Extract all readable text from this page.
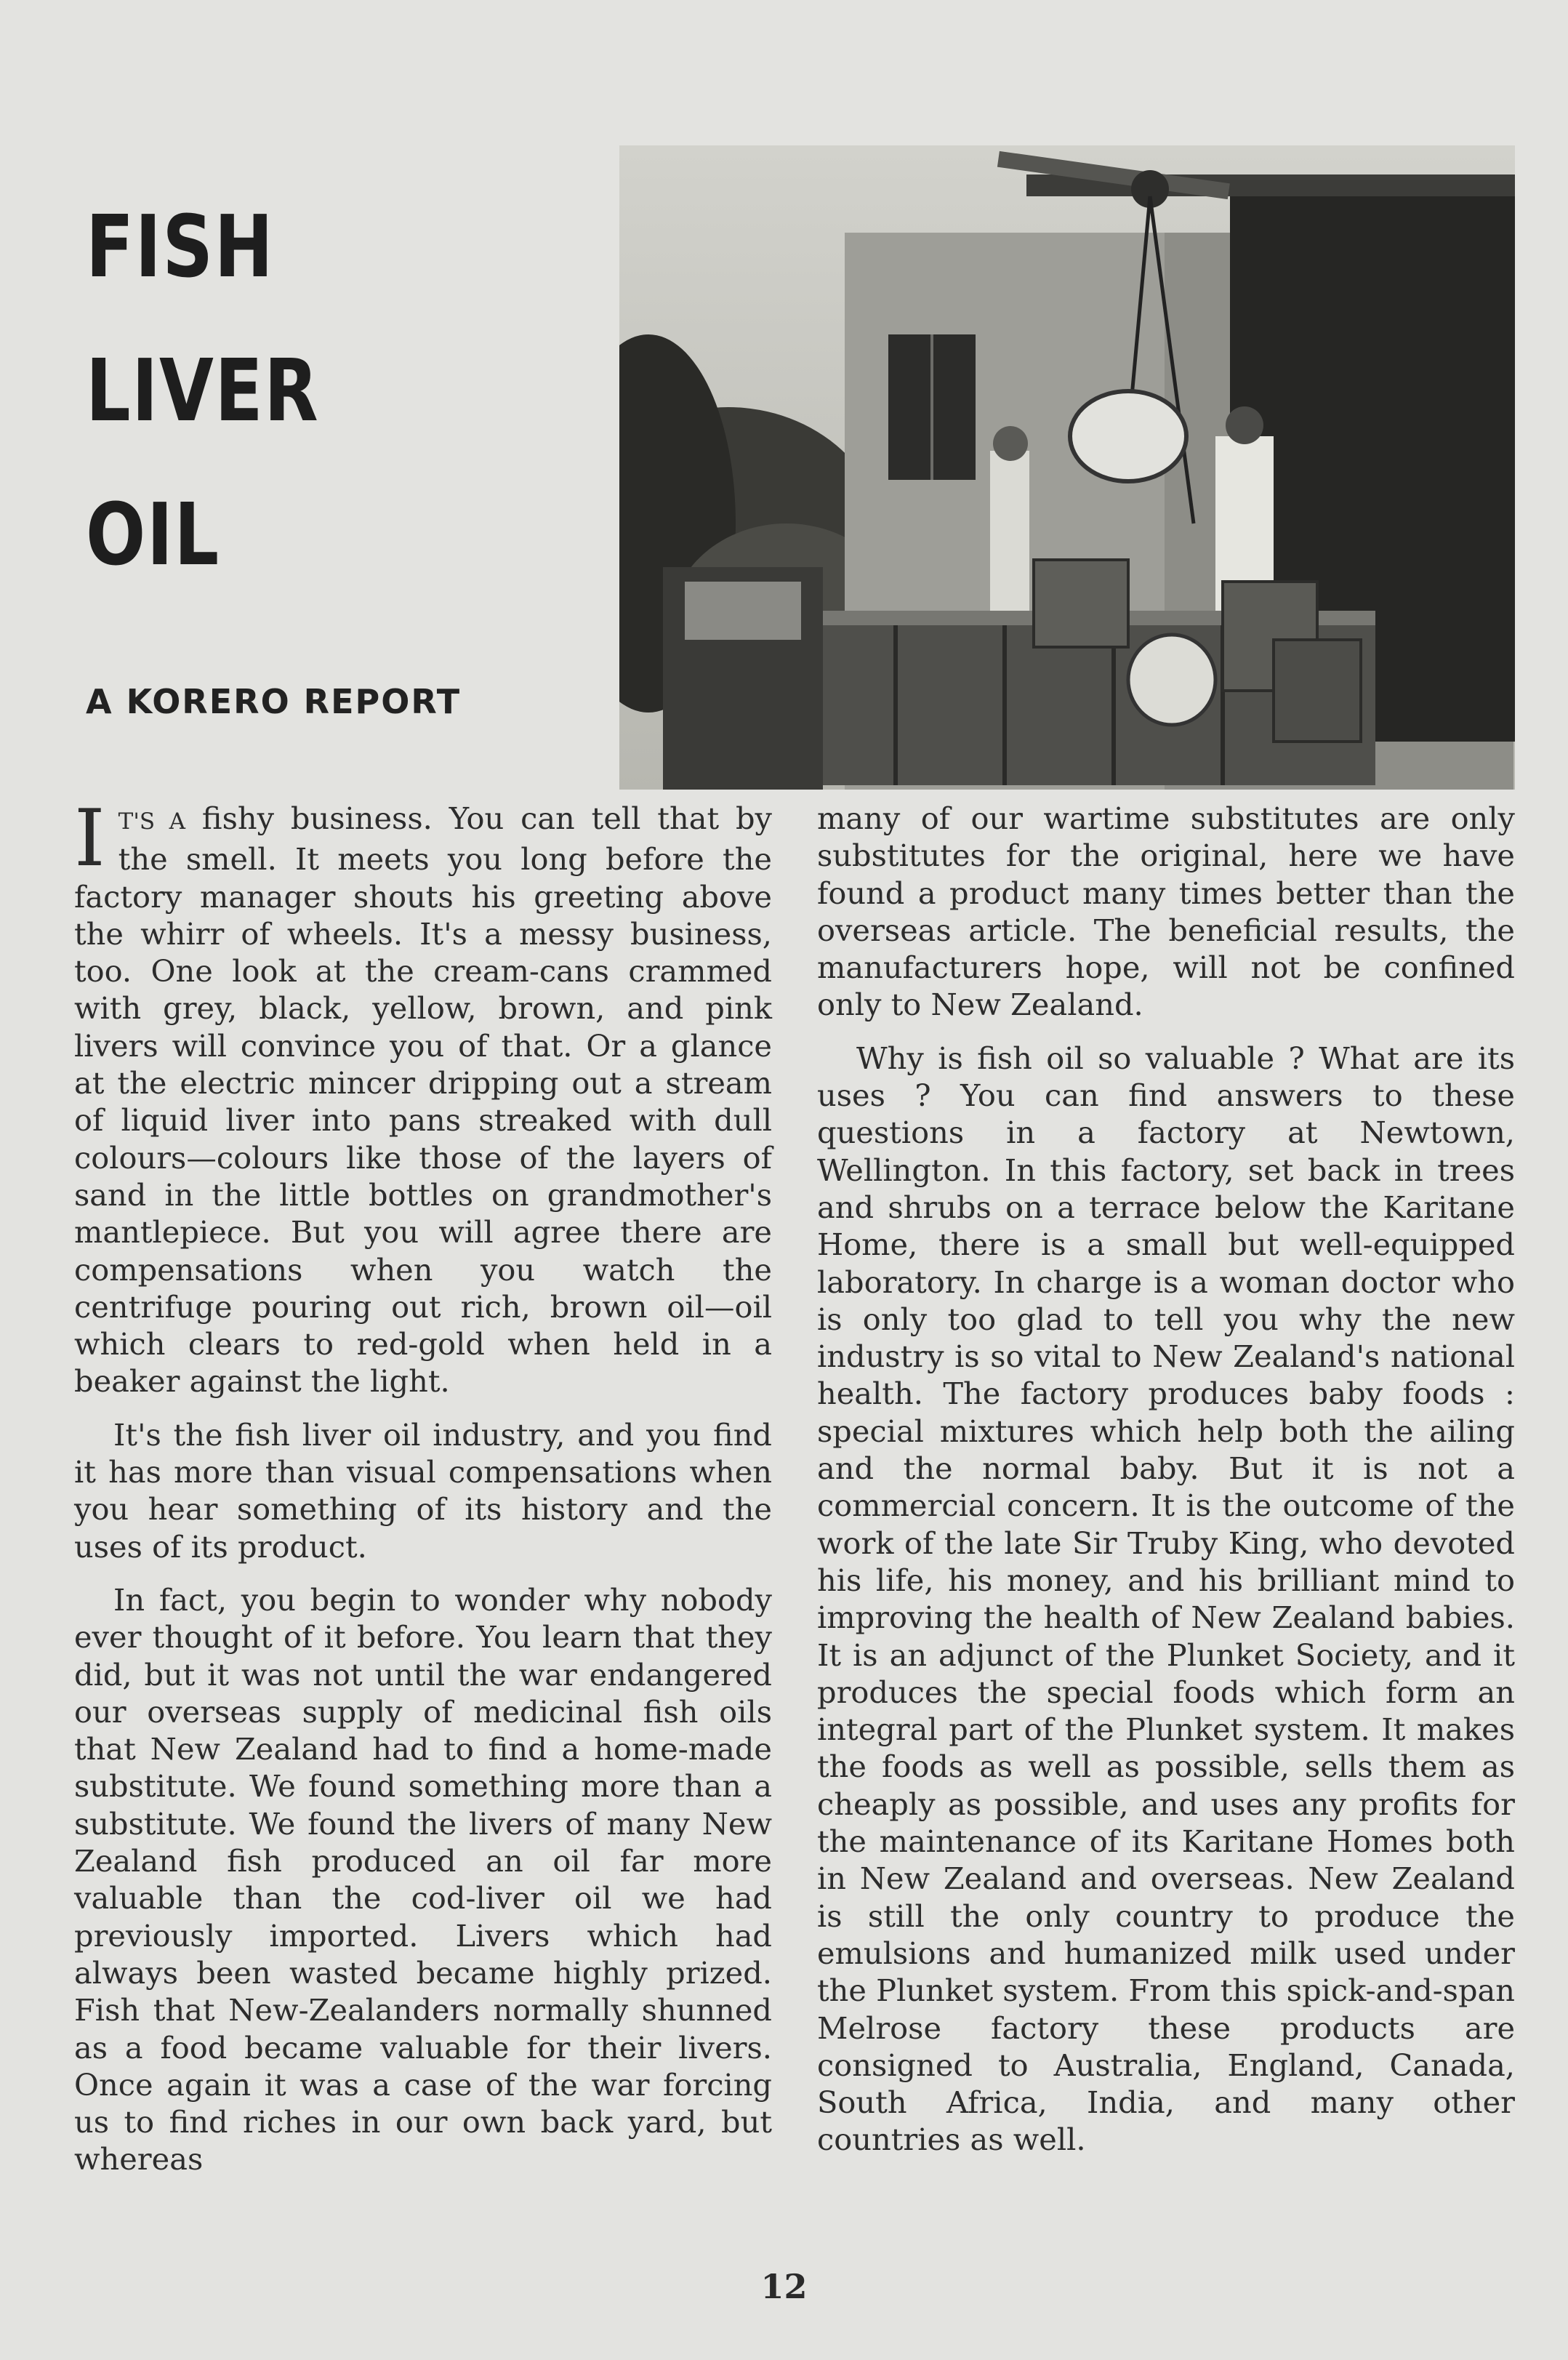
FISH
LIVER
OIL
A KORERO REPORT

I T'S A fishy business. You can tell that by the smell. It meets you long before the factory manager shouts his greeting above the whirr of wheels. It's a messy business, too. One look at the cream-cans crammed with grey, black, yellow, brown, and pink livers will convince you of that. Or a glance at the electric mincer dripping out a stream of liquid liver into pans streaked with dull colours—colours like those of the layers of sand in the little bottles on grandmother's mantlepiece. But you will agree there are compensations when you watch the centrifuge pouring out rich, brown oil—oil which clears to red-gold when held in a beaker against the light.

It's the fish liver oil industry, and you find it has more than visual compensations when you hear something of its history and the uses of its product.

In fact, you begin to wonder why nobody ever thought of it before. You learn that they did, but it was not until the war endangered our overseas supply of medicinal fish oils that New Zealand had to find a home-made substitute. We found something more than a substitute. We found the livers of many New Zealand fish produced an oil far more valuable than the cod-liver oil we had previously imported. Livers which had always been wasted became highly prized. Fish that New-Zealanders normally shunned as a food became valuable for their livers. Once again it was a case of the war forcing us to find riches in our own back yard, but whereas

many of our wartime substitutes are only substitutes for the original, here we have found a product many times better than the overseas article. The beneficial results, the manufacturers hope, will not be confined only to New Zealand.

Why is fish oil so valuable ? What are its uses ? You can find answers to these questions in a factory at Newtown, Wellington. In this factory, set back in trees and shrubs on a terrace below the Karitane Home, there is a small but well-equipped laboratory. In charge is a woman doctor who is only too glad to tell you why the new industry is so vital to New Zealand's national health. The factory produces baby foods : special mixtures which help both the ailing and the normal baby. But it is not a commercial concern. It is the outcome of the work of the late Sir Truby King, who devoted his life, his money, and his brilliant mind to improving the health of New Zealand babies. It is an adjunct of the Plunket Society, and it produces the special foods which form an integral part of the Plunket system. It makes the foods as well as possible, sells them as cheaply as possible, and uses any profits for the maintenance of its Karitane Homes both in New Zealand and overseas. New Zealand is still the only country to produce the emulsions and humanized milk used under the Plunket system. From this spick-and-span Melrose factory these products are consigned to Australia, England, Canada, South Africa, India, and many other countries as well.

12
